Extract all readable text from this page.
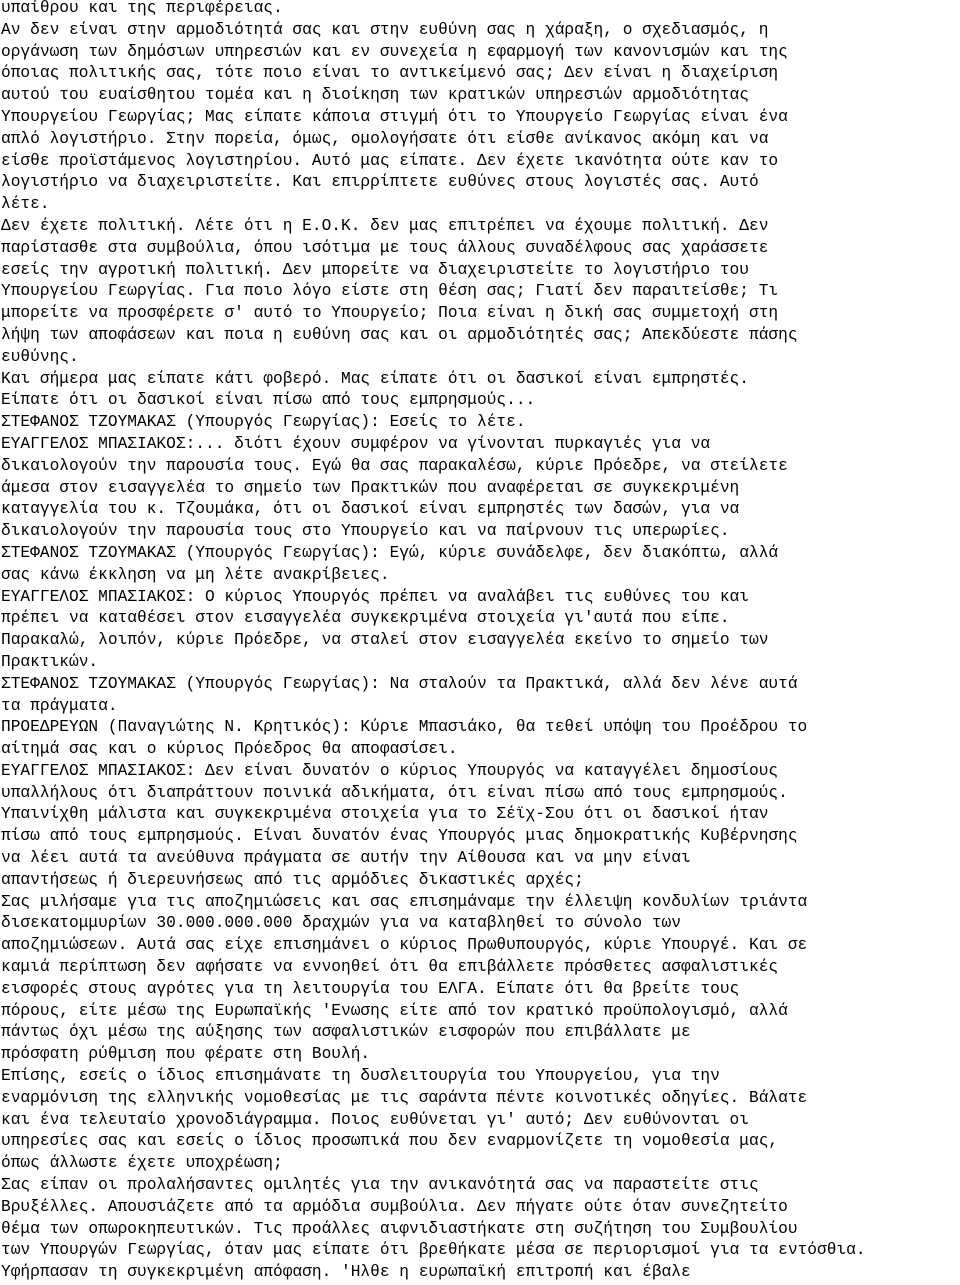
υπαίθρου και της περιφέρειας.
Αν δεν είναι στην αρμοδιότητά σας και στην ευθύνη σας η χάραξη, ο σχεδιασμός, η
οργάνωση των δημόσιων υπηρεσιών και εν συνεχεία η εφαρμογή των κανονισμών και της
όποιας πολιτικής σας, τότε ποιο είναι το αντικείμενό σας; Δεν είναι η διαχείριση
αυτού του ευαίσθητου τομέα και η διοίκηση των κρατικών υπηρεσιών αρμοδιότητας
Υπουργείου Γεωργίας; Μας είπατε κάποια στιγμή ότι το Υπουργείο Γεωργίας είναι ένα
απλό λογιστήριο. Στην πορεία, όμως, ομολογήσατε ότι είσθε ανίκανος ακόμη και να
είσθε προϊστάμενος λογιστηρίου. Αυτό μας είπατε. Δεν έχετε ικανότητα ούτε καν το
λογιστήριο να διαχειριστείτε. Και επιρρίπτετε ευθύνες στους λογιστές σας. Αυτό
λέτε.
Δεν έχετε πολιτική. Λέτε ότι η Ε.Ο.Κ. δεν μας επιτρέπει να έχουμε πολιτική. Δεν
παρίστασθε στα συμβούλια, όπου ισότιμα με τους άλλους συναδέλφους σας χαράσσετε
εσείς την αγροτική πολιτική. Δεν μπορείτε να διαχειριστείτε το λογιστήριο του
Υπουργείου Γεωργίας. Για ποιο λόγο είστε στη θέση σας; Γιατί δεν παραιτείσθε; Τι
μπορείτε να προσφέρετε σ' αυτό το Υπουργείο; Ποια είναι η δική σας συμμετοχή στη
λήψη των αποφάσεων και ποια η ευθύνη σας και οι αρμοδιότητές σας; Απεκδύεστε πάσης
ευθύνης.
Και σήμερα μας είπατε κάτι φοβερό. Μας είπατε ότι οι δασικοί είναι εμπρηστές.
Είπατε ότι οι δασικοί είναι πίσω από τους εμπρησμούς...
ΣΤΕΦΑΝΟΣ ΤΖΟΥΜΑΚΑΣ (Υπουργός Γεωργίας): Εσείς το λέτε.
ΕΥΑΓΓΕΛΟΣ ΜΠΑΣΙΑΚΟΣ:... διότι έχουν συμφέρον να γίνονται πυρκαγιές για να
δικαιολογούν την παρουσία τους. Εγώ θα σας παρακαλέσω, κύριε Πρόεδρε, να στείλετε
άμεσα στον εισαγγελέα το σημείο των Πρακτικών που αναφέρεται σε συγκεκριμένη
καταγγελία του κ. Τζουμάκα, ότι οι δασικοί είναι εμπρηστές των δασών, για να
δικαιολογούν την παρουσία τους στο Υπουργείο και να παίρνουν τις υπερωρίες.
ΣΤΕΦΑΝΟΣ ΤΖΟΥΜΑΚΑΣ (Υπουργός Γεωργίας): Εγώ, κύριε συνάδελφε, δεν διακόπτω, αλλά
σας κάνω έκκληση να μη λέτε ανακρίβειες.
ΕΥΑΓΓΕΛΟΣ ΜΠΑΣΙΑΚΟΣ: Ο κύριος Υπουργός πρέπει να αναλάβει τις ευθύνες του και
πρέπει να καταθέσει στον εισαγγελέα συγκεκριμένα στοιχεία γι'αυτά που είπε.
Παρακαλώ, λοιπόν, κύριε Πρόεδρε, να σταλεί στον εισαγγελέα εκείνο το σημείο των
Πρακτικών.
ΣΤΕΦΑΝΟΣ ΤΖΟΥΜΑΚΑΣ (Υπουργός Γεωργίας): Να σταλούν τα Πρακτικά, αλλά δεν λένε αυτά
τα πράγματα.
ΠΡΟΕΔΡΕΥΩΝ (Παναγιώτης Ν. Κρητικός): Κύριε Μπασιάκο, θα τεθεί υπόψη του Προέδρου το
αίτημά σας και ο κύριος Πρόεδρος θα αποφασίσει.
ΕΥΑΓΓΕΛΟΣ ΜΠΑΣΙΑΚΟΣ: Δεν είναι δυνατόν ο κύριος Υπουργός να καταγγέλει δημοσίους
υπαλλήλους ότι διαπράττουν ποινικά αδικήματα, ότι είναι πίσω από τους εμπρησμούς.
Υπαινίχθη μάλιστα και συγκεκριμένα στοιχεία για το Σέϊχ-Σου ότι οι δασικοί ήταν
πίσω από τους εμπρησμούς. Είναι δυνατόν ένας Υπουργός μιας δημοκρατικής Κυβέρνησης
να λέει αυτά τα ανεύθυνα πράγματα σε αυτήν την Αίθουσα και να μην είναι
απαντήσεως ή διερευνήσεως από τις αρμόδιες δικαστικές αρχές;
Σας μιλήσαμε για τις αποζημιώσεις και σας επισημάναμε την έλλειψη κονδυλίων τριάντα
δισεκατομμυρίων 30.000.000.000 δραχμών για να καταβληθεί το σύνολο των
αποζημιώσεων. Αυτά σας είχε επισημάνει ο κύριος Πρωθυπουργός, κύριε Υπουργέ. Και σε
καμιά περίπτωση δεν αφήσατε να εννοηθεί ότι θα επιβάλλετε πρόσθετες ασφαλιστικές
εισφορές στους αγρότες για τη λειτουργία του ΕΛΓΑ. Είπατε ότι θα βρείτε τους
πόρους, είτε μέσω της Ευρωπαϊκής 'Ενωσης είτε από τον κρατικό προϋπολογισμό, αλλά
πάντως όχι μέσω της αύξησης των ασφαλιστικών εισφορών που επιβάλλατε με
πρόσφατη ρύθμιση που φέρατε στη Βουλή.
Επίσης, εσείς ο ίδιος επισημάνατε τη δυσλειτουργία του Υπουργείου, για την
εναρμόνιση της ελληνικής νομοθεσίας με τις σαράντα πέντε κοινοτικές οδηγίες. Βάλατε
και ένα τελευταίο χρονοδιάγραμμα. Ποιος ευθύνεται γι' αυτό; Δεν ευθύνονται οι
υπηρεσίες σας και εσείς ο ίδιος προσωπικά που δεν εναρμονίζετε τη νομοθεσία μας,
όπως άλλωστε έχετε υποχρέωση;
Σας είπαν οι προλαλήσαντες ομιλητές για την ανικανότητά σας να παραστείτε στις
Βρυξέλλες. Απουσιάζετε από τα αρμόδια συμβούλια. Δεν πήγατε ούτε όταν συνεζητείτο
θέμα των οπωροκηπευτικών. Τις προάλλες αιφνιδιαστήκατε στη συζήτηση του Συμβουλίου
των Υπουργών Γεωργίας, όταν μας είπατε ότι βρεθήκατε μέσα σε περιορισμοί για τα εντόσθια.
Υφήρπασαν τη συγκεκριμένη απόφαση. 'Ηλθε η ευρωπαϊκή επιτροπή και έβαλε
